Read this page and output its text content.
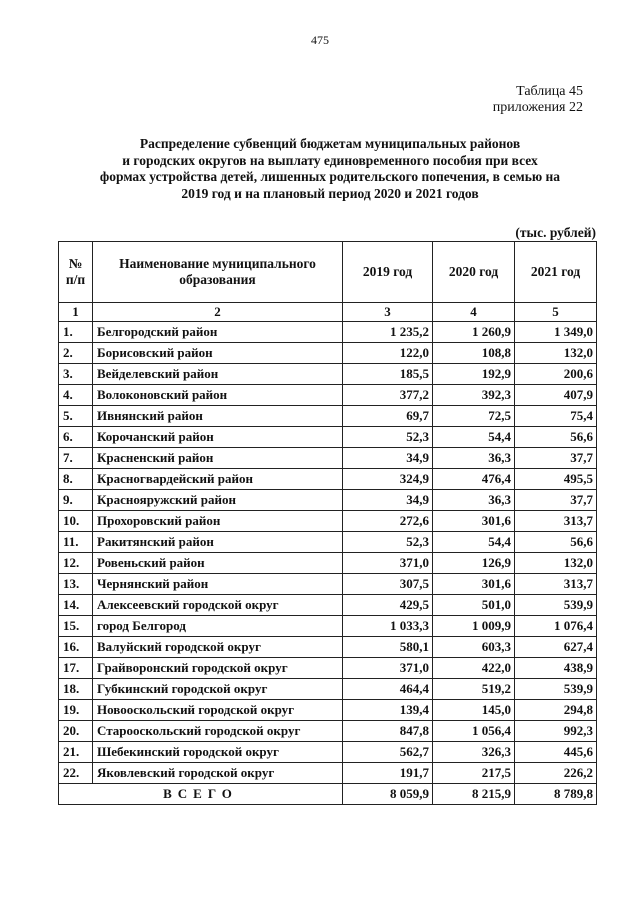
475
Таблица 45
приложения 22
Распределение субвенций бюджетам муниципальных районов
и городских округов на выплату единовременного пособия при всех
формах устройства детей, лишенных родительского попечения, в семью на
2019 год и на плановый период 2020 и 2021 годов
(тыс. рублей)
№ п/п	Наименование муниципального образования	2019 год	2020 год	2021 год
1	2	3	4	5
1.	Белгородский район	1 235,2	1 260,9	1 349,0
2.	Борисовский район	122,0	108,8	132,0
3.	Вейделевский район	185,5	192,9	200,6
4.	Волоконовский район	377,2	392,3	407,9
5.	Ивнянский район	69,7	72,5	75,4
6.	Корочанский район	52,3	54,4	56,6
7.	Красненский район	34,9	36,3	37,7
8.	Красногвардейский район	324,9	476,4	495,5
9.	Краснояружский район	34,9	36,3	37,7
10.	Прохоровский район	272,6	301,6	313,7
11.	Ракитянский район	52,3	54,4	56,6
12.	Ровеньский район	371,0	126,9	132,0
13.	Чернянский район	307,5	301,6	313,7
14.	Алексеевский городской округ	429,5	501,0	539,9
15.	город Белгород	1 033,3	1 009,9	1 076,4
16.	Валуйский городской округ	580,1	603,3	627,4
17.	Грайворонский городской округ	371,0	422,0	438,9
18.	Губкинский городской округ	464,4	519,2	539,9
19.	Новооскольский городской округ	139,4	145,0	294,8
20.	Старооскольский городской округ	847,8	1 056,4	992,3
21.	Шебекинский городской округ	562,7	326,3	445,6
22.	Яковлевский городской округ	191,7	217,5	226,2
ВСЕГО		8 059,9	8 215,9	8 789,8
